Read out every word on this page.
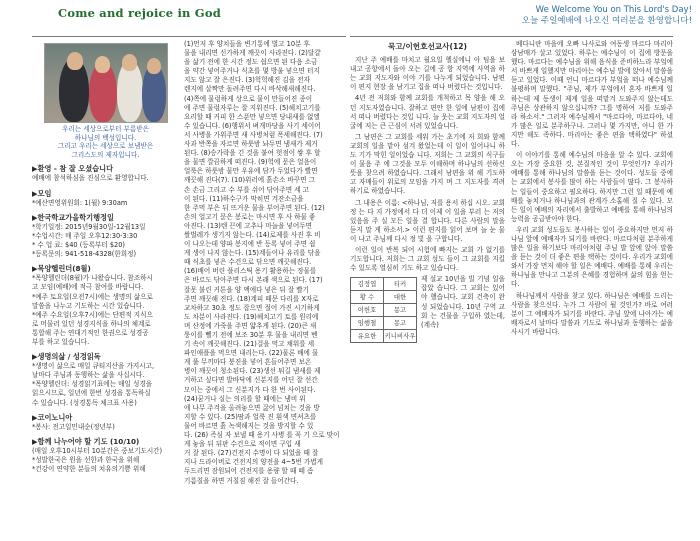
Come and rejoice in God	We Welcome You on This Lord's Day!
오늘 주일예배에 나오신 여러분을 환영합니다!
우리는 세상으로부터 부름받은
하나님의 백성입니다.
그리고 우리는 세상으로 보냄받은
그리스도의 제자입니다.
▶환영 - 참 잘 오셨습니다
예배에 참석하심을 진심으로 환영합니다.
▶모임
*예산면영위원회: 1(월) 9:30am
▶한국학교가을학기행정일
*학기일정: 2015년9월30일-12월13일
*수업시간: 매 주일 오후12:30-3:30
* 수 업 료: $40 (등록부터 $20)
*등록문의: 941-518-4328(한희정)
▶목양헬린더(8월)
*목양헬린더(8월)가 나왔습니다. 참조하시
고 모임(예배)에 적극 참여를 바랍니다.
*예주 토요일(오전7시)에는 생명의 삶으로
말씀을 나누고 기도하는 시간 있습니다.
*예주 수요일(오후7시)에는 단편적 지식으
로 머물러 있던 성경지식을 하나의 체계로
통합해 주는 연대기적인 한권으로 성경공
부를 하고 있습니다.
▶생명의삶 / 성경읽독
*생명이 삶으로 매일 큐티지산을 가지시고,
날마다 주님과 동행하는 삶을 사십시다.
*목양헬린더: 성경읽기표에는 매일 성경을
읽으시므로, 일년에 한번 성경을 통독하실
수 있습니다. (성경통독 체크표 사용)
▶코이노니아
*봉사: 전고일민내순(정년부)
▶함께 나누어야 할 기도 (10/10)
(매일 오후10시부터 10분간은 중보기도시간)
*성발한국은 원을 선한과 한국을 위해
*건강이 연약한 분들의 치유의기쁨 위해
(1)먼저 후 양치들을 변기통에 벌고 10분 후
물을 내리면 신가하게 깨끗이 사라진다. (2)달걀
을 삶기 전에 한 시간 정도 쉽으면 된 다음 소금
을 약간 넣어주거나 식초를 몇 방울 넣으면 터지
지도 않고 잘 은진다. (3)헉헉해진 김을 전자
렌지에 살짝만 돌려주면 다시 바삭해새해진다.
(4)쪽에 물렁하게 상으로 물이 만들어진 종이
에 주면 물렁자루는 잘 지워진다. (5)헤치고기를
요리할 때 커피 한 스푼만 넣으면 당내새를 없앨
수 있습니다. (6)행위서 벼개마당을 사기 세이어
서 사병을 가위주면 새 사병처럼 폭세해진다. (7)
사과 반쪽을 자르면 하룻밤 놔두면 냄새가 제거
된다. (8)승가락을 긴 것을 붙여 헛점이 쌓 후 할
을 물면 깔끔하게 떠진다. (9)헉에 묻은 얼음이
얼룩은 하룻밤 물만 우유에 담가 두었다가 빨면
깨끗해 진다(7). (10)위러에 흙손소 바꾸면 그
손 손금 그리고 수 부를 쉬어 닦아주면 세 고
이 된다. (11)하수구가 막히면 겨잔소금을
한 주먹 부은 뒤 뜨거운 물을 부어주면 된다. (12)
손의 얼고기 묻은 봉로는 마시면 후 사 하물 좋
아진다. (13)텐 끈에 고추나 마늘을 넣어두면
쌀벌레가 생기지 않는다. (14)로제를 사진 후 비
이 나오는데 양파 봉지에 반 등록 넣어 주면 쉽
게 생이 나지 않는다. (15)계들이나 유리를 닦을
때 식초를 넣은 수건으로 닦으면 깨끗해진다.
(16)배어 버린 플리스틱 용기 활용하는 장물를
은 바르도 닦아주면 다시 본래 색으로 된다. (17)
잘못 불린 커튼을 양 액에다 넣은 뒤 잘 빨기
주면 깨끗해 진다. (18)계피 때문 다리를 X자로
교차하고 30초 정도 잡으면 절어 가진 시기하게
도 차분이 사라진다. (19)헤치고기 토를 원리에
며 산정에 가죽을 주면 얇추게 된다. (20)큰 새
퉁이를 뺄기 전에 보조 30분 후 물을 내리면 벤
기 속이 깨끗해진다. (21)걸을 먹고 채워를 세
파인애플을 먹으면 내리는다. (22)물론 배에 물
게 풀 무끼마다 붕진을 넣어 흔들어주면 보온
병이 깨끗이 청소된다. (23)생선 튀길 냄새를 제
거하고 싶다면 발바닥에 신분지를 어딘 잘 선간
모이는 중에서 그 신분지가 다 한 번 사이된다.
(24)꿈거나 실는 의리를 할 때에는 냄비 위
에 나무 주걱을 올려놓으면 끓어 넘치는 것을 방
지할 수 있다. (25)땀과 얼룩 진 흰색 면셔츠를
물어 바르면 흙 녹색해지는 것을 방지할 수 있
다. (26) 즉심 자 보낼 때 용기 사병 를 꼭 기 으로 맞이
게 놓을 뒤 뒤판 수건으로 적이면 구입 새
거 잘 된다. (27)건전지 수명이 다 되었을 때 잘
지나 드라이버로 건전지의 양전을 4~5번 가볍게
두드리면 잠원되어 건전지를 용량 할 때 떼 좀
기름칠을 하면 거칠짐 해진 잘 들어간다.
묵고/이헌호선교사(12)

지난 주 예배를 마치고 월요일 헬실에니 아 팀을 보내고 공항에서 돌아 오는 길에 공 항 지역에 사역을 하는 교회 지도자와 이야 기를 나누게 되었습니다. 남편이 편지 현장 을 남기고 집을 떠나 버렸다는 것입니다.

4년 전 저희와 함께 교회를 개척하고 목 양을 해 오던 지도자였습니다. 잘하고 편안 한 일에 남편이 집에서 떠나 버렸다는 것입 니다. 늘 웃는 교회 지도자의 얼굴에 저는 큰 근심이 서려 있었습니다.

그 남편은 그 교회를 세워 가는 초기에 저 희와 함께 교회의 일을 맡아 섬겨 왔었는데 이 일이 일어나니 하도 기가 막힌 일이었습 니다. 저희는 그 교회의 식구들이 물음 주 에 그것을 모두 이해하며 하나님의 선하신 뜻을 찾으려 하였습니다. 그래서 남편을 위 해 기도하고 자매들이 위로의 모임을 가지 며 그 지도자를 격려하기로 하였습니다.

그 내용은 이름: <하나님, 저를 용서 하십 시오. 교회 정 는 다 지 가정에서 다 더 이제 이 일을 부러 는 저의 있음을 주 실 모든 일을 결 합니다. 다른 사람의 말을 듣지 말 게 하소서.> 이런 편지를 읽어 보며 늘 눈 물이 나고 주님께 다시 정 빛 을 구합니다.

이런 일이 반복 되어 시험에 빠지는 교회 가 없기를 기도합니다. 저희는 그 교회 성도 들이 그 교회를 지킬 수 있도록 열심히 기도 하고 있습니다.

김정엽	티커
황 수	대한
이헌호	몽고
임행철	몽고
유요한	키니비사우
제 설교 10년을 빌 기념 일을 잡았 습니다. 그 교회는 있어야 했습니다. 교회 건축이 완성 되었습니다. 10년 구역 교회 는 건물을 구입하 였는데, (계속)

베다니란 마을에 오빠 나사로와 여동생 마르다 마리아 삼남매가 살고 있었다. 하루는 예수님이 이 집에 방문을 했다. 마르다는 예수님을 위해 음식을 준비하느라 부엌에서 바쁘게 일했지만 마리아는 예수님 발에 앉아서 말씀을 듣고 있었다. 이때 언니 마르다가 부엌을 떠나 예수님께 불평하며 말했다. "주님, 제가 부엌에서 혼자 바쁘게 일하는데 제 동생이 제게 일을 떠맡겨 도와주지 않는데도 주님은 상관하지 않으십니까? 그를 명하여 저를 도와주라 하소서." 그러자 예수님께서 "마르다야, 마르다야, 네가 많은 일로 분주하구나. 그러나 몇 가지만, 아니 한 가지만 해도 족하다. 마리아는 좋은 편을 택하였다" 하셨다.

이 이야기를 통해 예수님의 마음을 알 수 있다. 교회에 오는 가장 중요한 것, 본질적인 것이 무엇인가? 우리가 예배를 통해 하나님의 말씀을 듣는 것이다. 성도들 중에는 교회에서 봉사를 많이 하는 사람들이 많다. 그 봉사하는 일들이 중요하고 필요하다. 하지만 그런 일 때문에 예배를 놓치거나 하나님과의 관계가 소홀해 질 수 있다. 모든 일이 예배의 자리에서 출발하고 예배를 통해 하나님의 능력을 공급받아야 한다.

우리 교회 성도들도 봉사하는 일이 중요하지만 먼저 하나님 앞에 예배자가 되기를 바란다. 마르다처럼 분주하게 많은 일을 하기보다 마리아처럼 주님 발 앞에 앉아 말씀을 듣는 것이 더 좋은 편을 택하는 것이다. 우리가 교회에 와서 가장 먼저 해야 할 일은 예배다. 예배를 통해 우리는 하나님을 만나고 그분의 은혜를 경험하며 삶의 힘을 얻는다.

하나님께서 사람을 찾고 있다. 하나님은 예배를 드리는 사람을 찾으신다. 누가 그 사람이 될 것인가? 바로 여러분이 그 예배자가 되기를 바란다. 주님 앞에 나아가는 예배자로서 날마다 말씀과 기도로 하나님과 동행하는 삶을 사시기 바랍니다.
